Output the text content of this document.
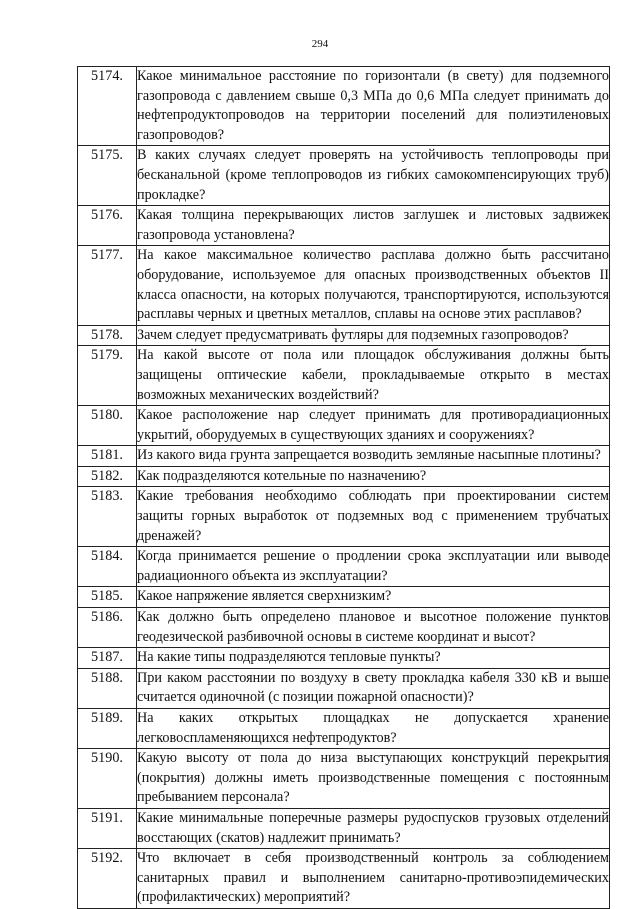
294
5174.	Какое минимальное расстояние по горизонтали (в свету) для подземного газопровода с давлением свыше 0,3 МПа до 0,6 МПа следует принимать до нефтепродуктопроводов на территории поселений для полиэтиленовых газопроводов?
5175.	В каких случаях следует проверять на устойчивость теплопроводы при бесканальной (кроме теплопроводов из гибких самокомпенсирующих труб) прокладке?
5176.	Какая толщина перекрывающих листов заглушек и листовых задвижек газопровода установлена?
5177.	На какое максимальное количество расплава должно быть рассчитано оборудование, используемое для опасных производственных объектов II класса опасности, на которых получаются, транспортируются, используются расплавы черных и цветных металлов, сплавы на основе этих расплавов?
5178.	Зачем следует предусматривать футляры для подземных газопроводов?
5179.	На какой высоте от пола или площадок обслуживания должны быть защищены оптические кабели, прокладываемые открыто в местах возможных механических воздействий?
5180.	Какое расположение нар следует принимать для противорадиационных укрытий, оборудуемых в существующих зданиях и сооружениях?
5181.	Из какого вида грунта запрещается возводить земляные насыпные плотины?
5182.	Как подразделяются котельные по назначению?
5183.	Какие требования необходимо соблюдать при проектировании систем защиты горных выработок от подземных вод с применением трубчатых дренажей?
5184.	Когда принимается решение о продлении срока эксплуатации или выводе радиационного объекта из эксплуатации?
5185.	Какое напряжение является сверхнизким?
5186.	Как должно быть определено плановое и высотное положение пунктов геодезической разбивочной основы в системе координат и высот?
5187.	На какие типы подразделяются тепловые пункты?
5188.	При каком расстоянии по воздуху в свету прокладка кабеля 330 кВ и выше считается одиночной (с позиции пожарной опасности)?
5189.	На каких открытых площадках не допускается хранение легковоспламеняющихся нефтепродуктов?
5190.	Какую высоту от пола до низа выступающих конструкций перекрытия (покрытия) должны иметь производственные помещения с постоянным пребыванием персонала?
5191.	Какие минимальные поперечные размеры рудоспусков грузовых отделений восстающих (скатов) надлежит принимать?
5192.	Что включает в себя производственный контроль за соблюдением санитарных правил и выполнением санитарно-противоэпидемических (профилактических) мероприятий?
